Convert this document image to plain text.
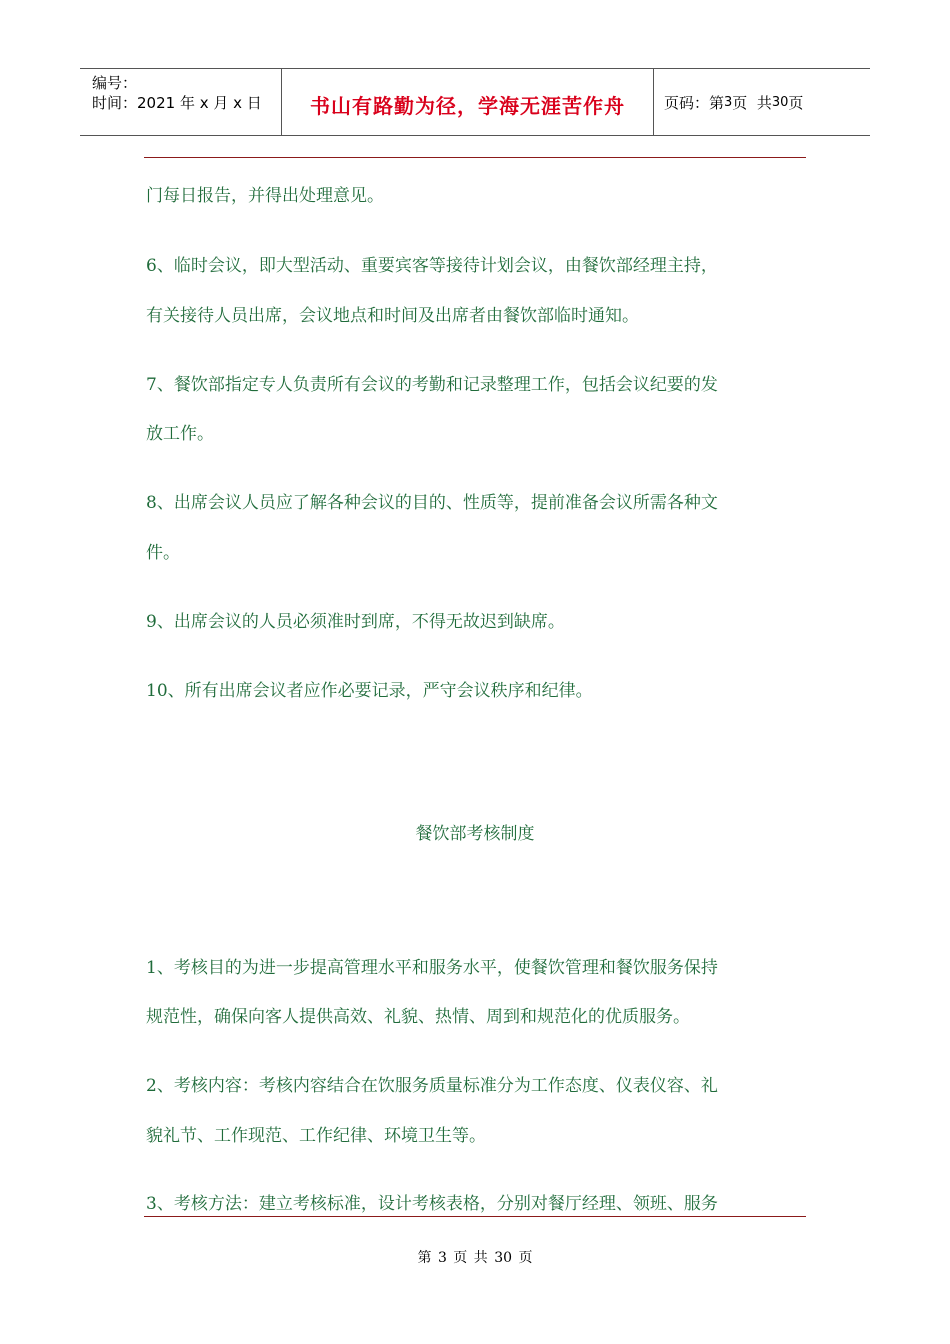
编号：
时间：2021 年 x 月 x 日	书山有路勤为径，学海无涯苦作舟	页码：第 3 页  共 30 页
门每日报告，并得出处理意见。
6、临时会议，即大型活动、重要宾客等接待计划会议，由餐饮部经理主持，
有关接待人员出席，会议地点和时间及出席者由餐饮部临时通知。
7、餐饮部指定专人负责所有会议的考勤和记录整理工作，包括会议纪要的发
放工作。
8、出席会议人员应了解各种会议的目的、性质等，提前准备会议所需各种文
件。
9、出席会议的人员必须准时到席，不得无故迟到缺席。
10、所有出席会议者应作必要记录，严守会议秩序和纪律。
餐饮部考核制度
1、考核目的为进一步提高管理水平和服务水平，使餐饮管理和餐饮服务保持
规范性，确保向客人提供高效、礼貌、热情、周到和规范化的优质服务。
2、考核内容：考核内容结合在饮服务质量标准分为工作态度、仪表仪容、礼
貌礼节、工作现范、工作纪律、环境卫生等。
3、考核方法：建立考核标准，设计考核表格，分别对餐厅经理、领班、服务
第 3 页 共 30 页
